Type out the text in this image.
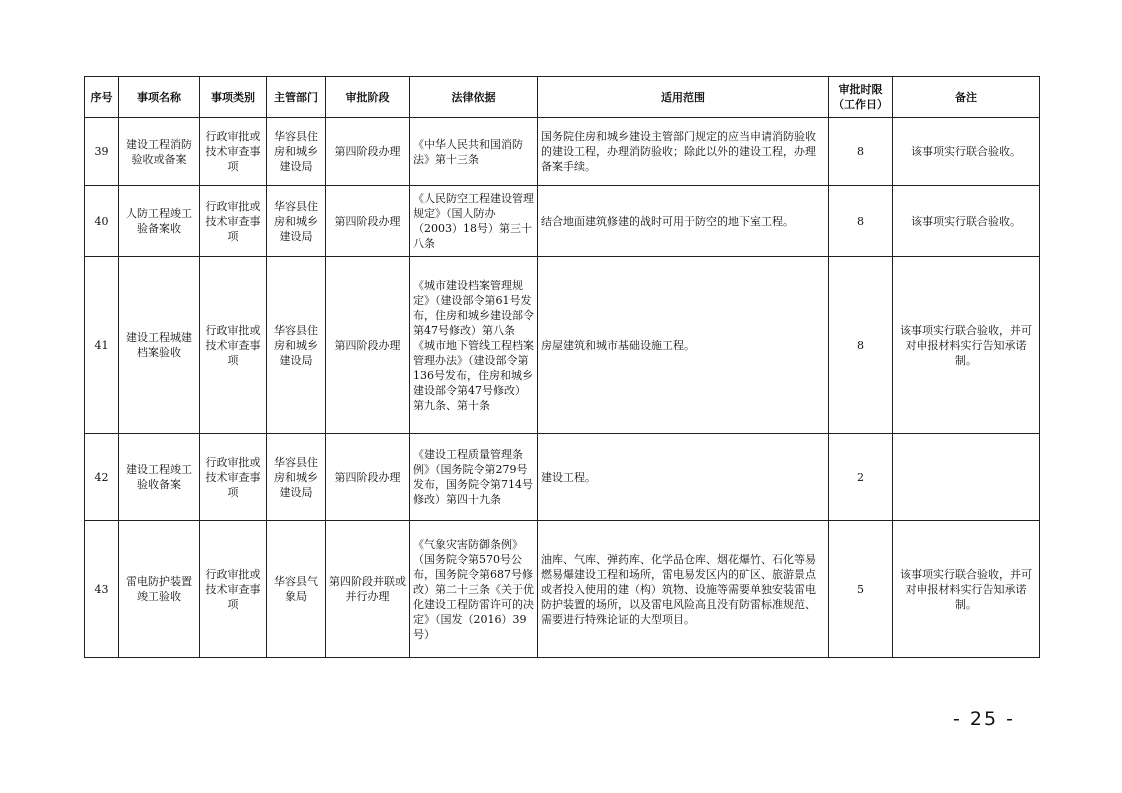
序号	事项名称	事项类别	主管部门	审批阶段	法律依据	适用范围	审批时限（工作日）	备注
39	建设工程消防验收或备案	行政审批或技术审查事项	华容县住房和城乡建设局	第四阶段办理	《中华人民共和国消防法》第十三条	国务院住房和城乡建设主管部门规定的应当申请消防验收的建设工程，办理消防验收；除此以外的建设工程，办理备案手续。	8	该事项实行联合验收。
40	人防工程竣工验备案收	行政审批或技术审查事项	华容县住房和城乡建设局	第四阶段办理	《人民防空工程建设管理规定》（国人防办（2003）18号）第三十八条	结合地面建筑修建的战时可用于防空的地下室工程。	8	该事项实行联合验收。
41	建设工程城建档案验收	行政审批或技术审查事项	华容县住房和城乡建设局	第四阶段办理	《城市建设档案管理规定》（建设部令第61号发布，住房和城乡建设部令第47号修改）第八条《城市地下管线工程档案管理办法》（建设部令第136号发布，住房和城乡建设部令第47号修改）第九条、第十条	房屋建筑和城市基础设施工程。	8	该事项实行联合验收，并可对申报材料实行告知承诺制。
42	建设工程竣工验收备案	行政审批或技术审查事项	华容县住房和城乡建设局	第四阶段办理	《建设工程质量管理条例》（国务院令第279号发布，国务院令第714号修改）第四十九条	建设工程。	2	
43	雷电防护装置竣工验收	行政审批或技术审查事项	华容县气象局	第四阶段并联或并行办理	《气象灾害防御条例》（国务院令第570号公布，国务院令第687号修改）第二十三条《关于优化建设工程防雷许可的决定》（国发（2016）39号）	油库、气库、弹药库、化学品仓库、烟花爆竹、石化等易燃易爆建设工程和场所，雷电易发区内的矿区、旅游景点或者投入使用的建（构）筑物、设施等需要单独安装雷电防护装置的场所，以及雷电风险高且没有防雷标准规范、需要进行特殊论证的大型项目。	5	该事项实行联合验收，并可对申报材料实行告知承诺制。
- 25 -
